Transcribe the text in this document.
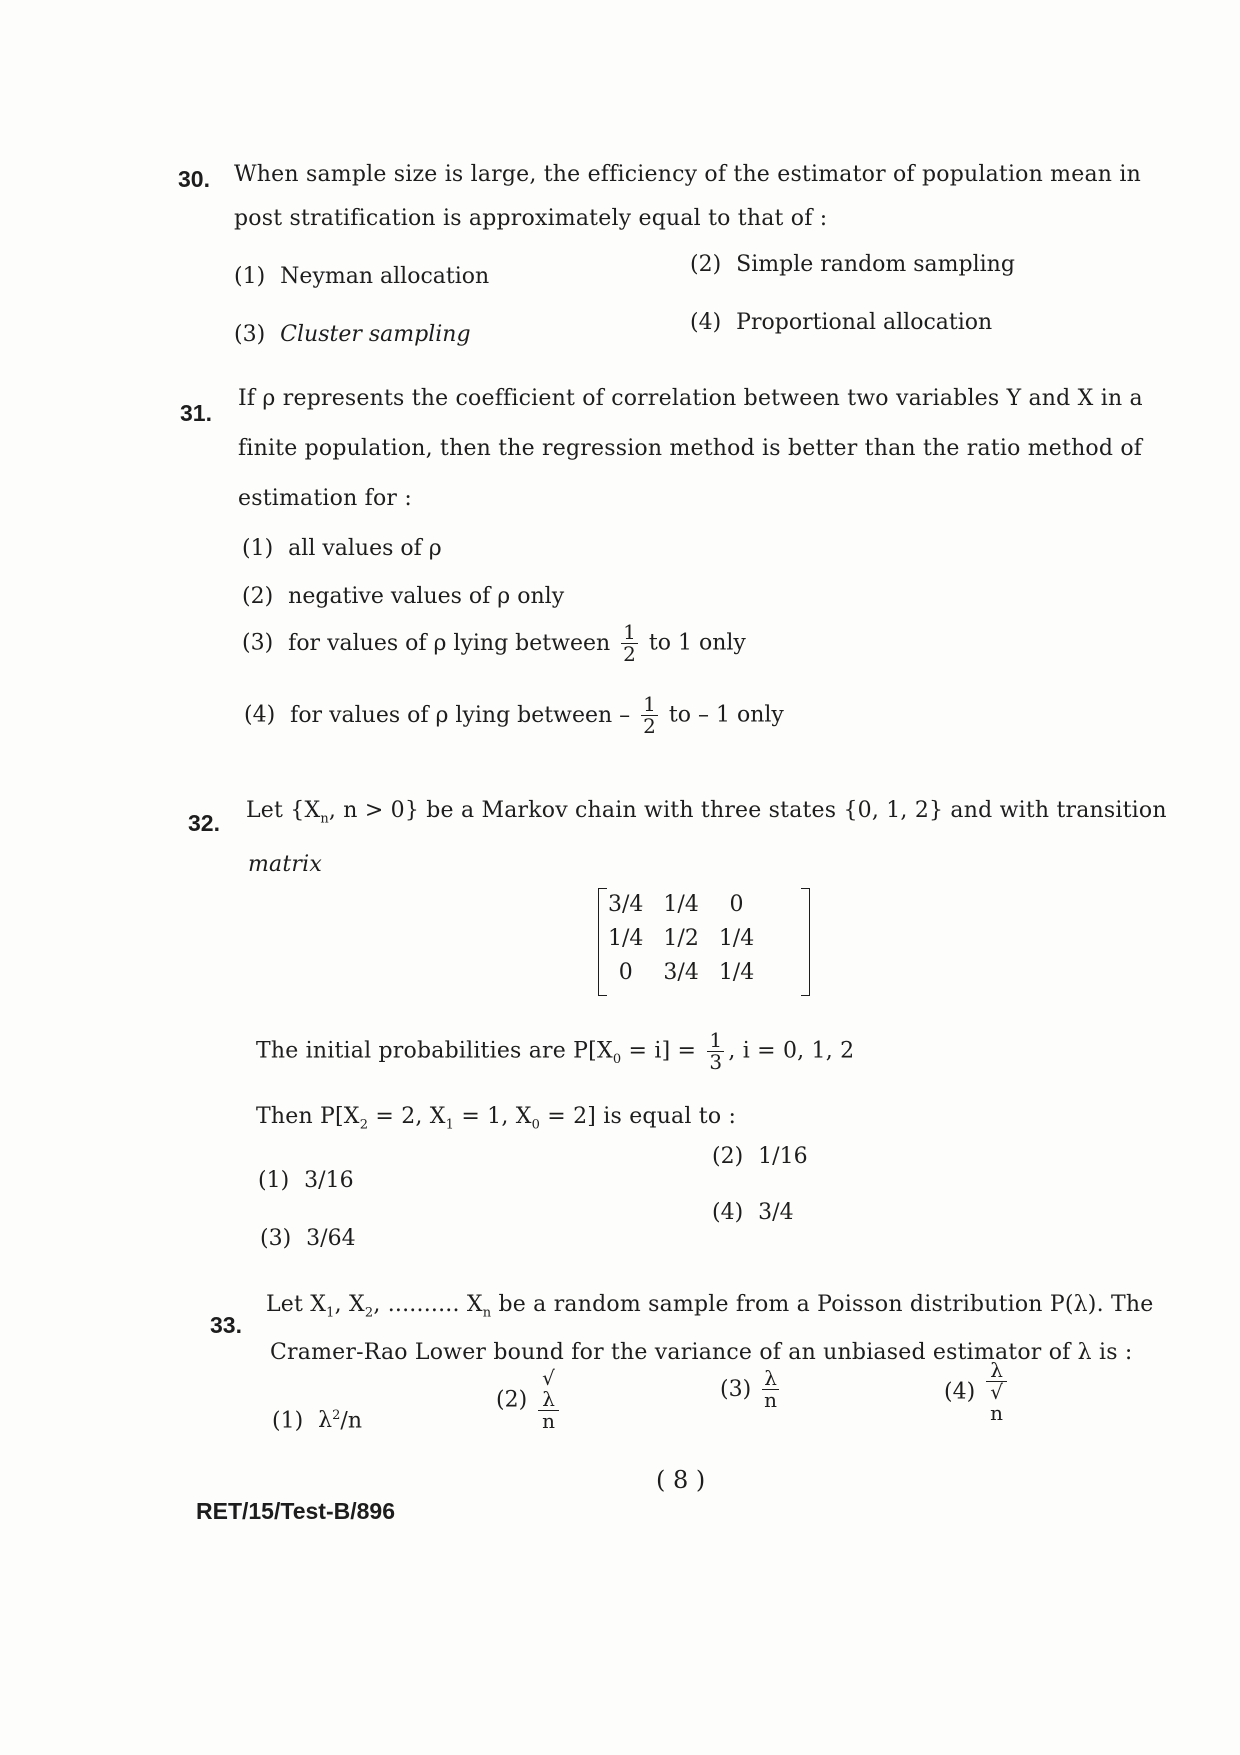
30. When sample size is large, the efficiency of the estimator of population mean in
post stratification is approximately equal to that of :
(1) Neyman allocation	(2) Simple random sampling
(3) Cluster sampling	(4) Proportional allocation
31.
If ρ represents the coefficient of correlation between two variables Y and X in a
finite population, then the regression method is better than the ratio method of
estimation for :
(1) all values of ρ
(2) negative values of ρ only
(3) for values of ρ lying between $\frac{1}{2}$ to 1 only
(4) for values of ρ lying between – $\frac{1}{2}$ to – 1 only
32. Let {$X_n$, n > 0} be a Markov chain with three states {0, 1, 2} and with transition
matrix
3/4	1/4	0
1/4	1/2	1/4
0	3/4	1/4
The initial probabilities are $P[X_0 = i] = \frac{1}{3}$ , i = 0, 1, 2
Then $P[X_2 = 2$, $X_1 = 1$, $X_0 = 2$] is equal to :
(1) 3/16
(2) 1/16
(3) 3/64
(4) 3/4
33.
Let $X_1$, $X_2$, .......... $X_n$ be a random sample from a Poisson distribution P(λ). The
Cramer-Rao Lower bound for the variance of an unbiased estimator of λ is :
(1) $\lambda^2/n$
(2) √
λ
n	$(3) \frac{\lambda}{n}$	(4) λ
√
n
( 8 )
RET/15/Test-B/896
